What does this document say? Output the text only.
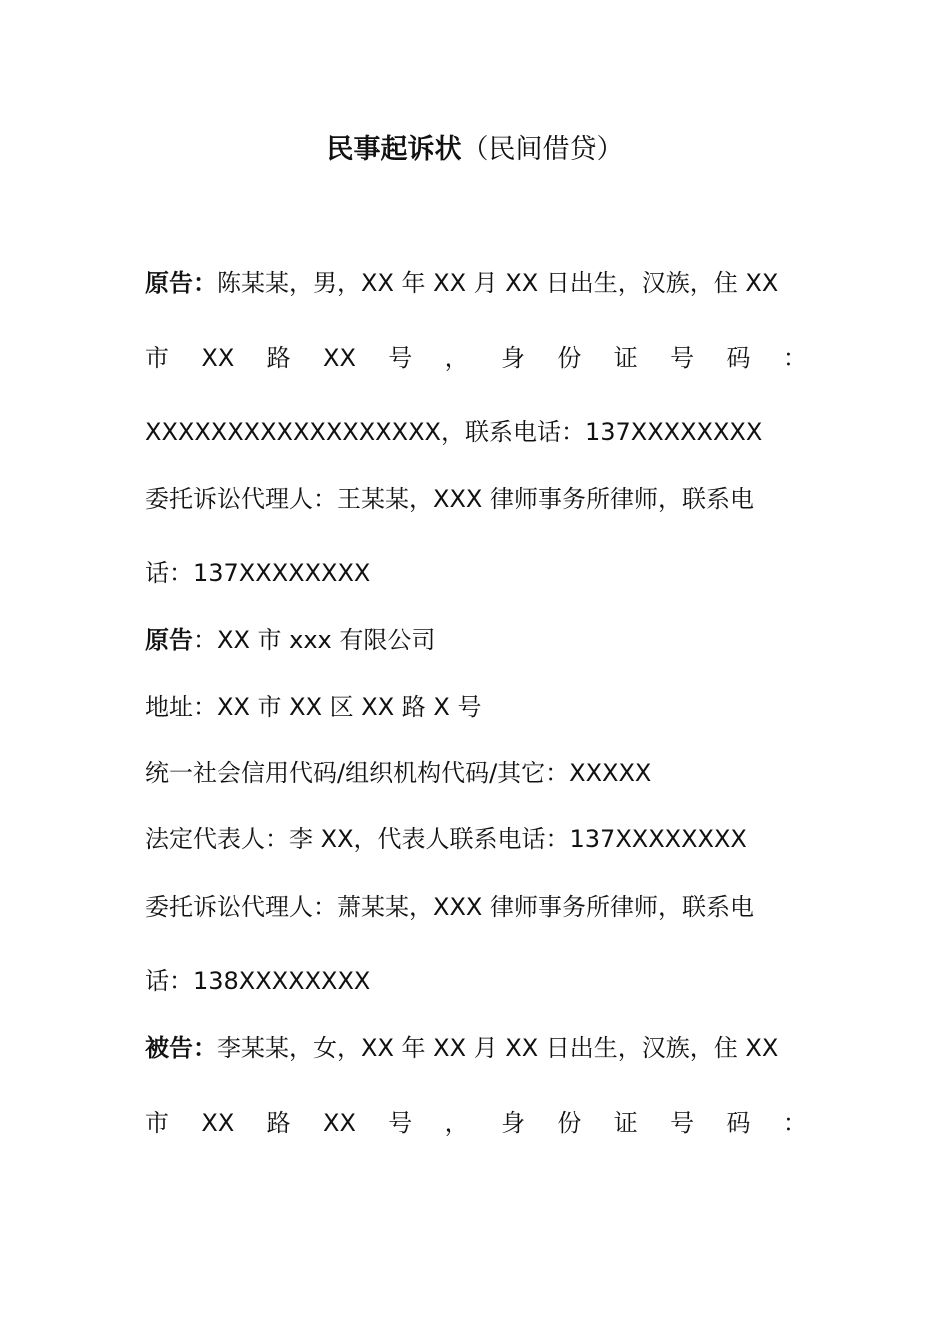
民事起诉状（民间借贷）
原告：陈某某，男，XX 年 XX 月 XX 日出生，汉族，住 XX
市 XX 路 XX 号 ， 身 份 证 号 码 ：
XXXXXXXXXXXXXXXXXX，联系电话：137XXXXXXXX
委托诉讼代理人：王某某，XXX 律师事务所律师，联系电
话：137XXXXXXXX
原告：XX 市 xxx 有限公司
地址：XX 市 XX 区 XX 路 X 号
统一社会信用代码/组织机构代码/其它：XXXXX
法定代表人：李 XX，代表人联系电话：137XXXXXXXX
委托诉讼代理人：萧某某，XXX 律师事务所律师，联系电
话：138XXXXXXXX
被告：李某某，女，XX 年 XX 月 XX 日出生，汉族，住 XX
市 XX 路 XX 号 ， 身 份 证 号 码 ：
